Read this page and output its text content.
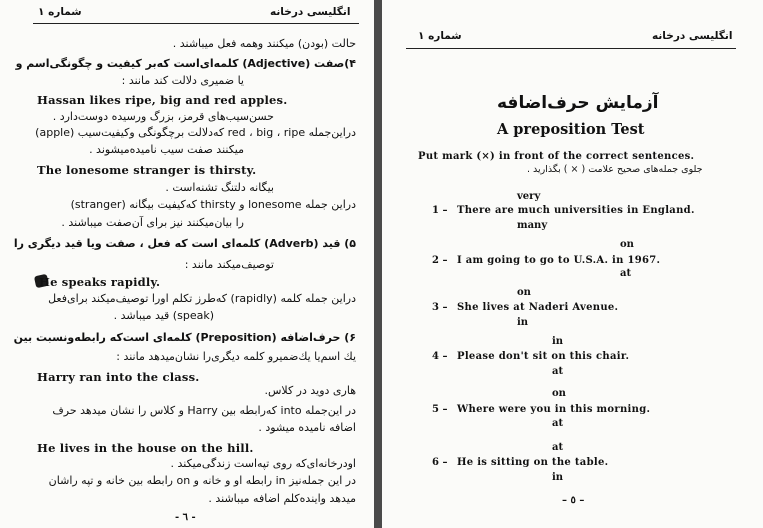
شماره ۱	انگلیسی درخانه
حالت (بودن) میکنند وهمه فعل میباشند .
۴)صفت (Adjective) کلمه‌ای‌است که‌بر کیفیت‌ و چگونگی‌اسم و
یا ضمیری دلالت کند مانند :
Hassan likes ripe, big and red apples.
حسن‌سیب‌های قرمز، بزرگ ورسیده دوست‌دارد .
دراین‌جمله red ، big ، ripe که‌دلالت برچگونگی‌ وکیفیت‌سیب (apple)
میکنند صفت سیب نامیده‌میشوند .
The lonesome stranger is thirsty.
بیگانه دلتنگ تشنه‌است .
دراین جمله lonesome و thirsty که‌کیفیت بیگانه (stranger)
را بیان‌میکنند نیز برای آن‌صفت میباشند .
۵) قید (Adverb) کلمه‌ای است که فعل ، صفت ویا قید دیگری را
توصیف‌میکند مانند :
He speaks rapidly.
دراین جمله کلمه (rapidly) که‌طرز تکلم اورا توصیف‌میکند برای‌فعل
(speak) قید میباشد .
۶) حرف‌اضافه (Preposition) کلمه‌ای است‌که رابطه‌ونسبت بین
یك اسم‌یا یك‌ضمیرو کلمه دیگری‌را نشان‌میدهد مانند :
Harry ran into the class.
هاری دوید در کلاس.
در این‌جمله into که‌رابطه بین Harry و کلاس را نشان میدهد حرف
اضافه نامیده میشود .
He lives in the house on the hill.
اودرخانه‌ای‌که روی تپه‌است زندگی‌میکند .
در این جمله‌نیز in رابطه او و خانه و on رابطه بین خانه و تپه راشان
میدهد واینده‌کلم اضافه میباشند .
- ٦ -
شماره ۱	انگلیسی درخانه
آزمایش حرف‌اضافه
A preposition Test
Put mark (×) in front of the correct sentences.
جلوی جمله‌های صحیح علامت ( × ) بگذارید .
very
1 – There are much universities in England.
many
on
2 – I am going to go to U.S.A. in 1967.
at
on
3 – She lives at Naderi Avenue.
in
in
4 – Please don't sit on this chair.
at
on
5 – Where were you in this morning.
at
at
6 – He is sitting on the table.
in
– ٥ –
